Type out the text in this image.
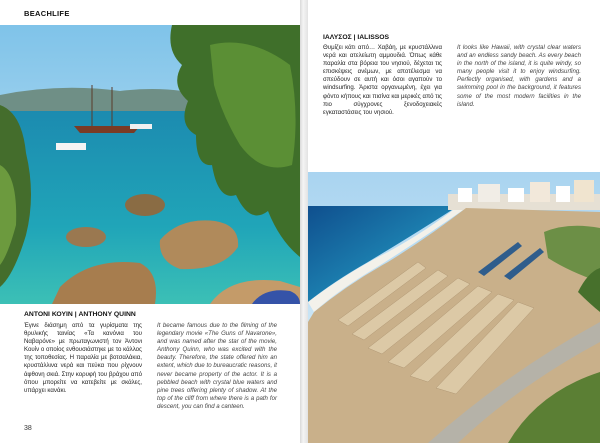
BEACHLIFE
ΑΝΤΟΝΙ ΚΟΥΙΝ | ANTHONY QUINN
Έγινε διάσημη από τα γυρίσματα της θρυλικής ταινίας «Τα κανόνια του Ναβαρόνε» με πρωταγωνιστή τον Άντονι Κουίν ο οποίος ενθουσιάστηκε με το κάλλος της τοποθεσίας. Η παραλία με βοτσαλάκια, κρυστάλλινα νερά και πεύκα που ρίχνουν άφθονη σκιά. Στην κορυφή του βράχου από όπου μπορείτε να κατεβείτε με σκάλες, υπάρχει κανάκι.
It became famous due to the filming of the legendary movie «The Guns of Navarone», and was named after the star of the movie, Anthony Quinn, who was excited with the beauty. Therefore, the state offered him an extent, which due to bureaucratic reasons, it never became property of the actor. It is a pebbled beach with crystal blue waters and pine trees offering plenty of shadow. At the top of the cliff from where there is a path for descent, you can find a canteen.
38
ΙΑΛΥΣΟΣ | IALISSOS
Θυμίζει κάτι από… Χαβάη, με κρυστάλλινα νερά και ατελείωτη αμμουδιά. Όπως κάθε παραλία στα βόρεια του νησιού, δέχεται τις επισκέψεις ανέμων, με αποτέλεσμα να σπεύδουν σε αυτή και όσοι αγαπούν το windsurfing. Άριστα οργανωμένη, έχει για φόντο κήπους και πισίνα και μερικές από τις πιο σύγχρονες ξενοδοχειακές εγκαταστάσεις του νησιού.
It looks like Hawaii, with crystal clear waters and an endless sandy beach. As every beach in the north of the island, it is quite windy, so many people visit it to enjoy windsurfing. Perfectly organised, with gardens and a swimming pool in the background, it features some of the most modern facilities in the island.
